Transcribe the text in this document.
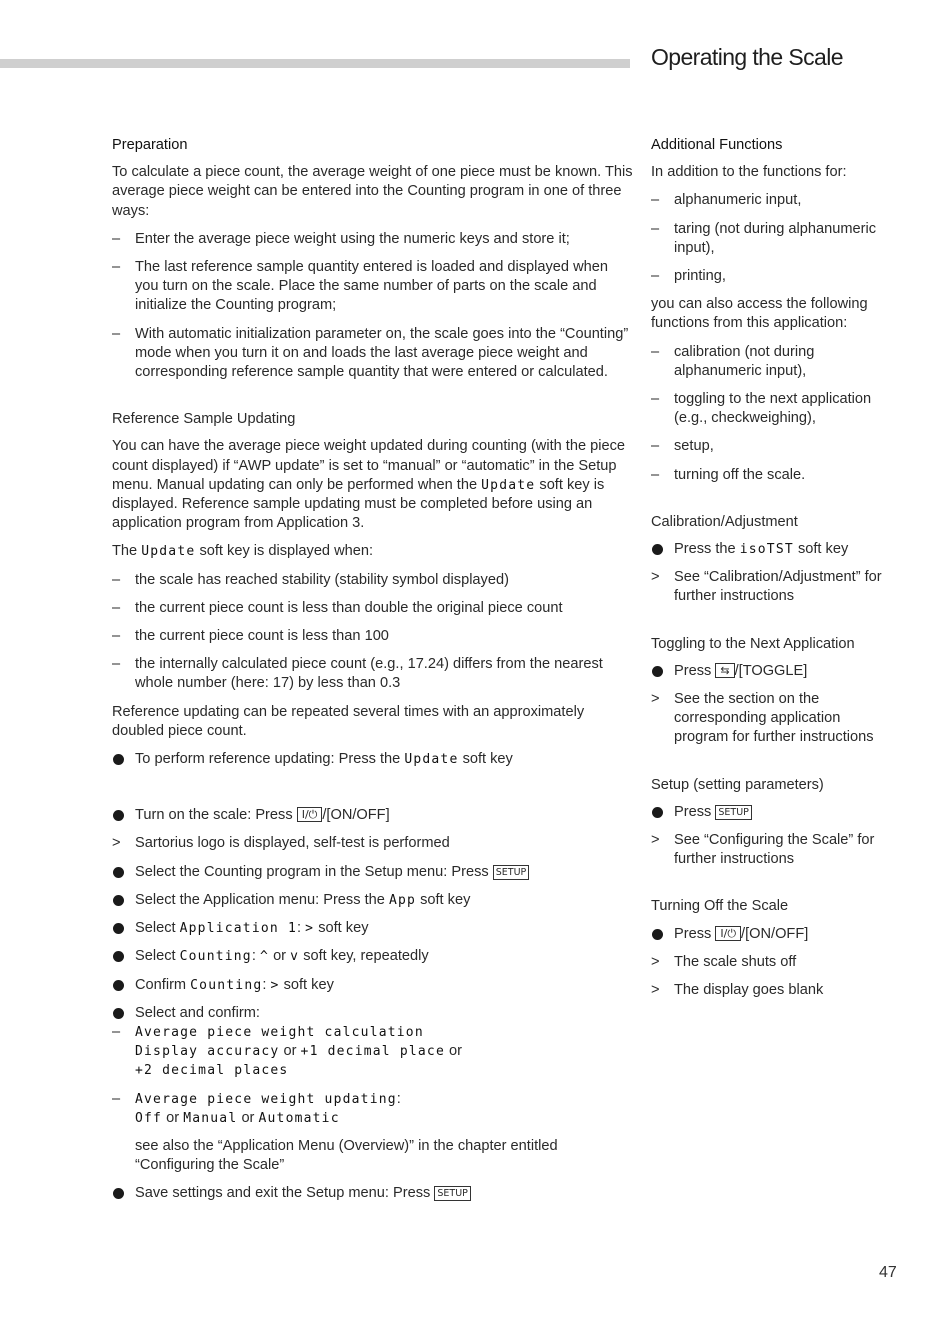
Operating the Scale
Preparation

To calculate a piece count, the average weight of one piece must be known. This average piece weight can be entered into the Counting program in one of three ways:

–	Enter the average piece weight using the numeric keys and store it;
–	The last reference sample quantity entered is loaded and displayed when you turn on the scale. Place the same number of parts on the scale and initialize the Counting program;
–	With automatic initialization parameter on, the scale goes into the “Counting” mode when you turn it on and loads the last average piece weight and corresponding reference sample quantity that were entered or calculated.
Reference Sample Updating

You can have the average piece weight updated during counting (with the piece count displayed) if “AWP update” is set to “manual” or “automatic” in the Setup menu. Manual updating can only be performed when the Update soft key is displayed. Reference sample updating must be completed before using an application program from Application 3.

The Update soft key is displayed when:

–	the scale has reached stability (stability symbol displayed)
–	the current piece count is less than double the original piece count
–	the current piece count is less than 100
–	the internally calculated piece count (e.g., 17.24) differs from the nearest whole number (here: 17) by less than 0.3

Reference updating can be repeated several times with an approximately doubled piece count.

To perform reference updating: Press the Update soft key
Turn on the scale: Press I/⏻ /[ON/OFF]
> Sartorius logo is displayed, self-test is performed
Select the Counting program in the Setup menu: Press SETUP
Select the Application menu: Press the App soft key
Select Application 1: > soft key
Select Counting: ^ or v soft key, repeatedly
Confirm Counting: > soft key
Select and confirm:
–	Average piece weight calculation
Display accuracy or +1 decimal place or
+2 decimal places
–	Average piece weight updating:
Off or Manual or Automatic
see also the “Application Menu (Overview)” in the chapter entitled “Configuring the Scale”
Save settings and exit the Setup menu: Press SETUP
Additional Functions

In addition to the functions for:

–	alphanumeric input,
–	taring (not during alphanumeric input),
–	printing,

you can also access the following functions from this application:

–	calibration (not during alphanumeric input),
–	toggling to the next application (e.g., checkweighing),
–	setup,
–	turning off the scale.
Calibration/Adjustment
Press the isoTST soft key
> See “Calibration/Adjustment” for further instructions
Toggling to the Next Application
Press ⇆ /[TOGGLE]
> See the section on the corresponding application program for further instructions
Setup (setting parameters)
Press SETUP
> See “Configuring the Scale” for further instructions
Turning Off the Scale
Press I/⏻ /[ON/OFF]
> The scale shuts off
> The display goes blank
47
